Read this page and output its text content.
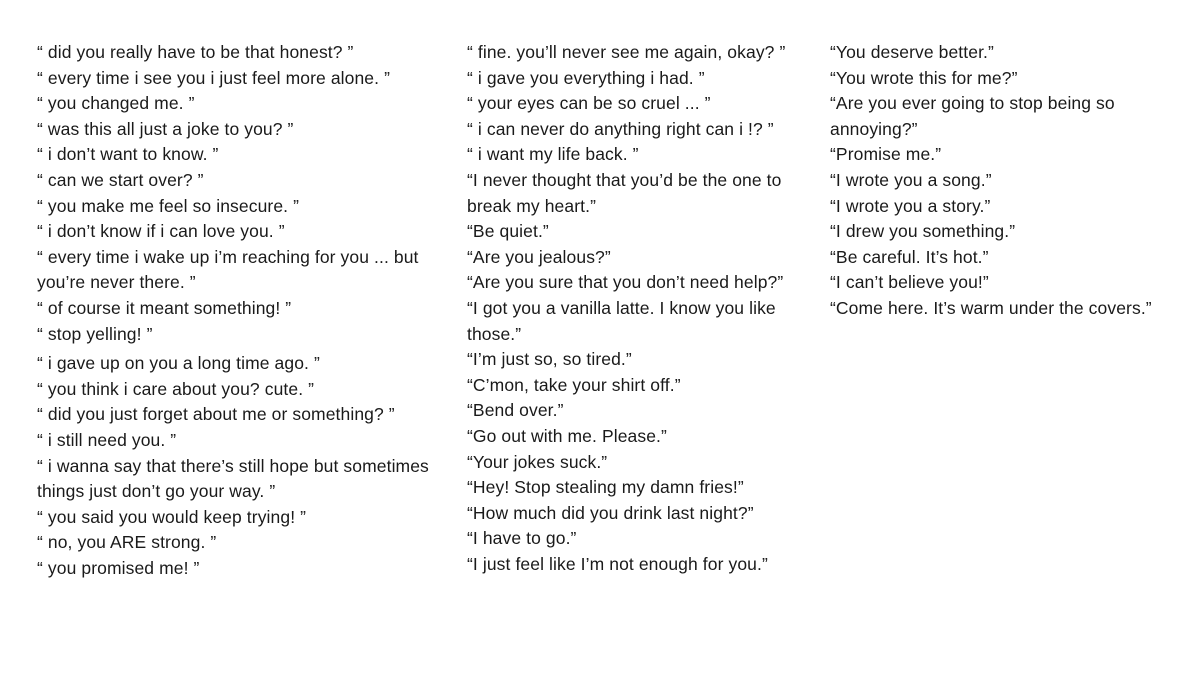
“ did you really have to be that honest? ”
“ every time i see you i just feel more alone. ”
“ you changed me. ”
“ was this all just a joke to you? ”
“ i don’t want to know. ”
“ can we start over? ”
“ you make me feel so insecure. ”
“ i don’t know if i can love you. ”
“ every time i wake up i’m reaching for you ... but
you’re never there. ”
“ of course it meant something! ”
“ stop yelling! ”
“ i gave up on you a long time ago. ”
“ you think i care about you? cute. ”
“ did you just forget about me or something? ”
“ i still need you. ”
“ i wanna say that there’s still hope but sometimes
things just don’t go your way. ”
“ you said you would keep trying! ”
“ no, you ARE strong. ”
“ you promised me! ”
“ fine. you’ll never see me again, okay? ”
“ i gave you everything i had. ”
“ your eyes can be so cruel ... ”
“ i can never do anything right can i !? ”
“ i want my life back. ”
“I never thought that you’d be the one to
break my heart.”
“Be quiet.”
“Are you jealous?”
“Are you sure that you don’t need help?”
“I got you a vanilla latte. I know you like
those.”
“I’m just so, so tired.”
“C’mon, take your shirt off.”
“Bend over.”
“Go out with me. Please.”
“Your jokes suck.”
“Hey! Stop stealing my damn fries!”
“How much did you drink last night?”
“I have to go.”
“I just feel like I’m not enough for you.”
“You deserve better.”
“You wrote this for me?”
“Are you ever going to stop being so
annoying?”
“Promise me.”
“I wrote you a song.”
“I wrote you a story.”
“I drew you something.”
“Be careful. It’s hot.”
“I can’t believe you!”
“Come here. It’s warm under the covers.”
